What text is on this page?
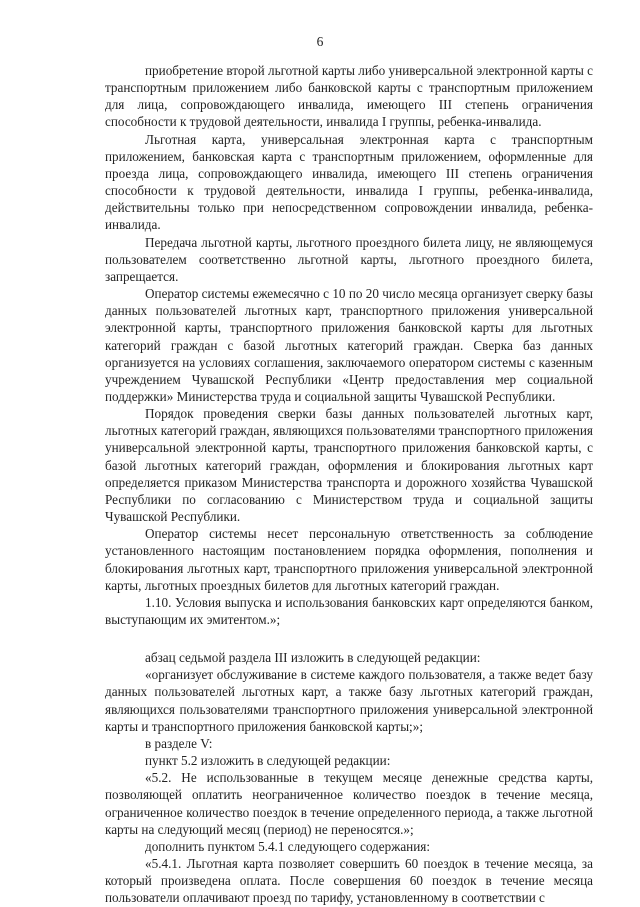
6

приобретение второй льготной карты либо универсальной электронной карты с транспортным приложением либо банковской карты с транспортным приложением для лица, сопровождающего инвалида, имеющего III степень ограничения способности к трудовой деятельности, инвалида I группы, ребенка-инвалида.

Льготная карта, универсальная электронная карта с транспортным приложением, банковская карта с транспортным приложением, оформленные для проезда лица, сопровождающего инвалида, имеющего III степень ограничения способности к трудовой деятельности, инвалида I группы, ребенка-инвалида, действительны только при непосредственном сопровождении инвалида, ребенка-инвалида.

Передача льготной карты, льготного проездного билета лицу, не являющемуся пользователем соответственно льготной карты, льготного проездного билета, запрещается.

Оператор системы ежемесячно с 10 по 20 число месяца организует сверку базы данных пользователей льготных карт, транспортного приложения универсальной электронной карты, транспортного приложения банковской карты для льготных категорий граждан с базой льготных категорий граждан. Сверка баз данных организуется на условиях соглашения, заключаемого оператором системы с казенным учреждением Чувашской Республики «Центр предоставления мер социальной поддержки» Министерства труда и социальной защиты Чувашской Республики.

Порядок проведения сверки базы данных пользователей льготных карт, льготных категорий граждан, являющихся пользователями транспортного приложения универсальной электронной карты, транспортного приложения банковской карты, с базой льготных категорий граждан, оформления и блокирования льготных карт определяется приказом Министерства транспорта и дорожного хозяйства Чувашской Республики по согласованию с Министерством труда и социальной защиты Чувашской Республики.

Оператор системы несет персональную ответственность за соблюдение установленного настоящим постановлением порядка оформления, пополнения и блокирования льготных карт, транспортного приложения универсальной электронной карты, льготных проездных билетов для льготных категорий граждан.

1.10. Условия выпуска и использования банковских карт определяются банком, выступающим их эмитентом.»;

абзац седьмой раздела III изложить в следующей редакции:

«организует обслуживание в системе каждого пользователя, а также ведет базу данных пользователей льготных карт, а также базу льготных категорий граждан, являющихся пользователями транспортного приложения универсальной электронной карты и транспортного приложения банковской карты;»;

в разделе V:

пункт 5.2 изложить в следующей редакции:

«5.2. Не использованные в текущем месяце денежные средства карты, позволяющей оплатить неограниченное количество поездок в течение месяца, ограниченное количество поездок в течение определенного периода, а также льготной карты на следующий месяц (период) не переносятся.»;

дополнить пунктом 5.4.1 следующего содержания:

«5.4.1. Льготная карта позволяет совершить 60 поездок в течение месяца, за который произведена оплата. После совершения 60 поездок в течение месяца пользователи оплачивают проезд по тарифу, установленному в соответствии с
